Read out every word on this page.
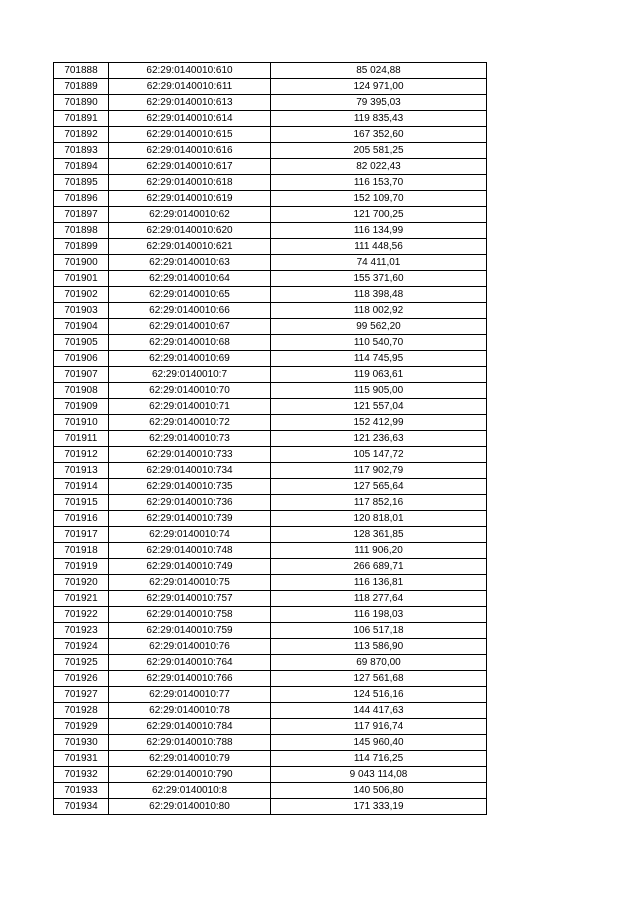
701888	62:29:0140010:610	85 024,88
701889	62:29:0140010:611	124 971,00
701890	62:29:0140010:613	79 395,03
701891	62:29:0140010:614	119 835,43
701892	62:29:0140010:615	167 352,60
701893	62:29:0140010:616	205 581,25
701894	62:29:0140010:617	82 022,43
701895	62:29:0140010:618	116 153,70
701896	62:29:0140010:619	152 109,70
701897	62:29:0140010:62	121 700,25
701898	62:29:0140010:620	116 134,99
701899	62:29:0140010:621	111 448,56
701900	62:29:0140010:63	74 411,01
701901	62:29:0140010:64	155 371,60
701902	62:29:0140010:65	118 398,48
701903	62:29:0140010:66	118 002,92
701904	62:29:0140010:67	99 562,20
701905	62:29:0140010:68	110 540,70
701906	62:29:0140010:69	114 745,95
701907	62:29:0140010:7	119 063,61
701908	62:29:0140010:70	115 905,00
701909	62:29:0140010:71	121 557,04
701910	62:29:0140010:72	152 412,99
701911	62:29:0140010:73	121 236,63
701912	62:29:0140010:733	105 147,72
701913	62:29:0140010:734	117 902,79
701914	62:29:0140010:735	127 565,64
701915	62:29:0140010:736	117 852,16
701916	62:29:0140010:739	120 818,01
701917	62:29:0140010:74	128 361,85
701918	62:29:0140010:748	111 906,20
701919	62:29:0140010:749	266 689,71
701920	62:29:0140010:75	116 136,81
701921	62:29:0140010:757	118 277,64
701922	62:29:0140010:758	116 198,03
701923	62:29:0140010:759	106 517,18
701924	62:29:0140010:76	113 586,90
701925	62:29:0140010:764	69 870,00
701926	62:29:0140010:766	127 561,68
701927	62:29:0140010:77	124 516,16
701928	62:29:0140010:78	144 417,63
701929	62:29:0140010:784	117 916,74
701930	62:29:0140010:788	145 960,40
701931	62:29:0140010:79	114 716,25
701932	62:29:0140010:790	9 043 114,08
701933	62:29:0140010:8	140 506,80
701934	62:29:0140010:80	171 333,19
